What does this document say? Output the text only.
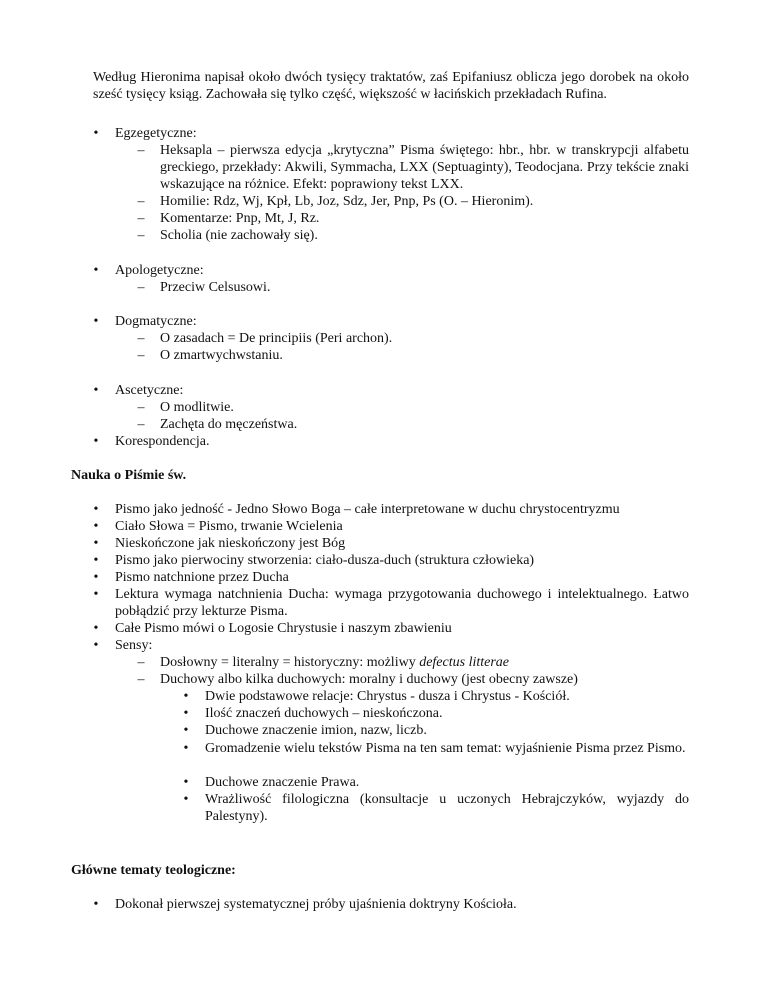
Według Hieronima napisał około dwóch tysięcy traktatów, zaś Epifaniusz oblicza jego dorobek na około sześć tysięcy ksiąg. Zachowała się tylko część, większość w łacińskich przekładach Rufina.
•	Egzegetyczne:
– Heksapla – pierwsza edycja „krytyczna” Pisma świętego: hbr., hbr. w transkrypcji alfabetu greckiego, przekłady: Akwili, Symmacha, LXX (Septuaginty), Teodocjana. Przy tekście znaki wskazujące na różnice. Efekt: poprawiony tekst LXX.
– Homilie: Rdz, Wj, Kpł, Lb, Joz, Sdz, Jer, Pnp, Ps (O. – Hieronim).
– Komentarze: Pnp, Mt, J, Rz.
– Scholia (nie zachowały się).
•	Apologetyczne:
– Przeciw Celsusowi.
•	Dogmatyczne:
– O zasadach = De principiis (Peri archon).
– O zmartwychwstaniu.
•	Ascetyczne:
– O modlitwie.
– Zachęta do męczeństwa.
•	Korespondencja.
Nauka o Piśmie św.
•	Pismo jako jedność - Jedno Słowo Boga – całe interpretowane w duchu chrystocentryzmu
•	Ciało Słowa = Pismo, trwanie Wcielenia
•	Nieskończone jak nieskończony jest Bóg
•	Pismo jako pierwociny stworzenia: ciało-dusza-duch (struktura człowieka)
•	Pismo natchnione przez Ducha
•	Lektura wymaga natchnienia Ducha: wymaga przygotowania duchowego i intelektualnego. Łatwo pobłądzić przy lekturze Pisma.
•	Całe Pismo mówi o Logosie Chrystusie i naszym zbawieniu
•	Sensy:
– Dosłowny = literalny = historyczny: możliwy defectus litterae
– Duchowy albo kilka duchowych: moralny i duchowy (jest obecny zawsze)
•	Dwie podstawowe relacje: Chrystus - dusza i Chrystus - Kościół.
•	Ilość znaczeń duchowych – nieskończona.
•	Duchowe znaczenie imion, nazw, liczb.
•	Gromadzenie wielu tekstów Pisma na ten sam temat: wyjaśnienie Pisma przez Pismo.
•	Duchowe znaczenie Prawa.
•	Wrażliwość filologiczna (konsultacje u uczonych Hebrajczyków, wyjazdy do Palestyny).
Główne tematy teologiczne:
•	Dokonał pierwszej systematycznej próby ujaśnienia doktryny Kościoła.
